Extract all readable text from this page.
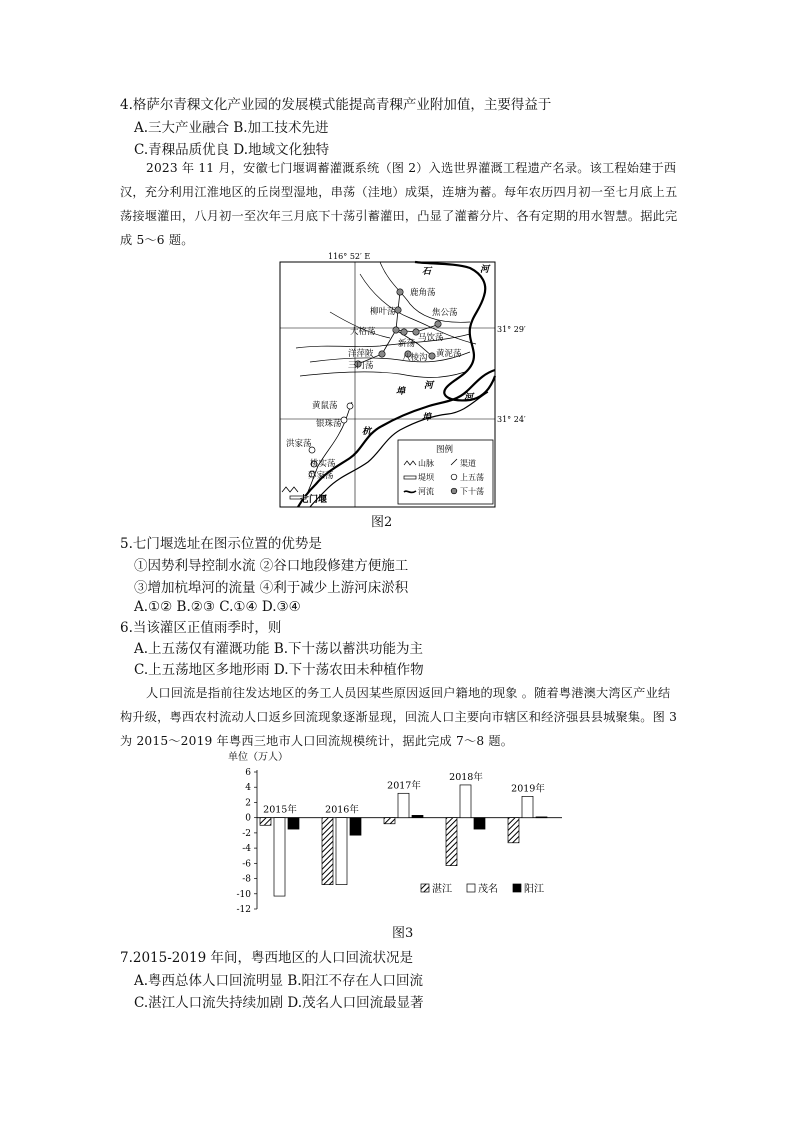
4.格萨尔青稞文化产业园的发展模式能提高青稞产业附加值，主要得益于
A.三大产业融合 B.加工技术先进
C.青稞品质优良 D.地域文化独特
2023 年 11 月，安徽七门堰调蓄灌溉系统（图 2）入选世界灌溉工程遗产名录。该工程始建于西汉，充分利用江淮地区的丘岗型湿地，串荡（洼地）成渠，连塘为蓄。每年农历四月初一至七月底上五荡接堰灌田，八月初一至次年三月底下十荡引蓄灌田，凸显了灌蓄分片、各有定期的用水智慧。据此完成 5～6 题。
116° 52′ E
31° 29′
31° 24′
鹿角荡
柳叶荡	焦公荡
大格荡
新荡
马饮荡
洋萍陂
三门荡
八棱沟 黄泥荡
黄鼠荡
银珠荡
洪家荡
桃实荡
苏家荡
石	河
河
埠
河
埠
杭
七门堰
图例
山脉	渠道
堤坝	上五荡
河流	下十荡
图2
5.七门堰选址在图示位置的优势是
①因势利导控制水流 ②谷口地段修建方便施工
③增加杭埠河的流量 ④利于减少上游河床淤积
A.①② B.②③ C.①④ D.③④
6.当该灌区正值雨季时，则
A.上五荡仅有灌溉功能 B.下十荡以蓄洪功能为主
C.上五荡地区多地形雨 D.下十荡农田未种植作物
人口回流是指前往发达地区的务工人员因某些原因返回户籍地的现象 。随着粤港澳大湾区产业结构升级，粤西农村流动人口返乡回流现象逐渐显现，回流人口主要向市辖区和经济强县县城聚集。图 3 为 2015～2019 年粤西三地市人口回流规模统计，据此完成 7～8 题。
单位（万人）
6
4
2
0
-2
-4
-6
-8
-10
-12
2015年	2016年
2017年
2018年
2019年
湛江	茂名	阳江
图3
7.2015-2019 年间，粤西地区的人口回流状况是
A.粤西总体人口回流明显 B.阳江不存在人口回流
C.湛江人口流失持续加剧 D.茂名人口回流最显著
